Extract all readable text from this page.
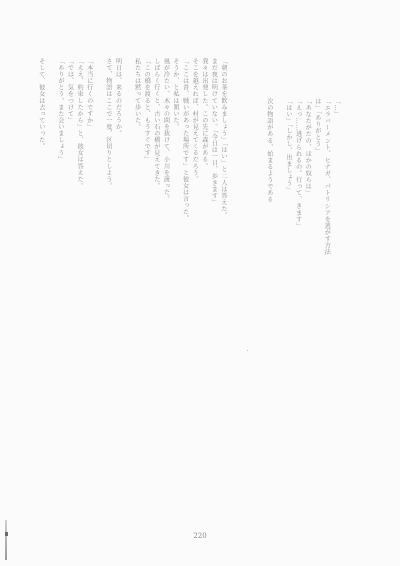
「…」
「エラバーメント、ヒナガ、パトリシアを逃がす方法
は」「ありがとう」
「あなたがたの、ほかの奴らは」
「えっ……逃げられるの。行って、きます」
「はい」「しかし、出ましょう」

次の物語がある、始まるようである
「朝のお茶を飲みましょう」「はい」と二人は答えた。
まだ夜は明けていない。「今日は一日、歩きます」
我々は出発した。この先に森がある。
そこを越えれば、村が見えてくるだろう。
「ここは昔、戦いがあった場所です」と彼女は言った。
そうか、と私は頷いた。
風が冷たい。木々の間を抜けて、小川を渡った。
しばらく行くと、古い石の橋が見えてきた。
「この橋を渡ると、もうすぐです」
私たちは黙って歩いた。

明日は、来るのだろうか。
さて、物語はここで一度、区切りとしよう。

「本当に行くのですか」
「ええ、約束したから」と、彼女は答えた。
「では、気をつけて」
「ありがとう。また会いましょう」

そして、彼女は去っていった。
220
